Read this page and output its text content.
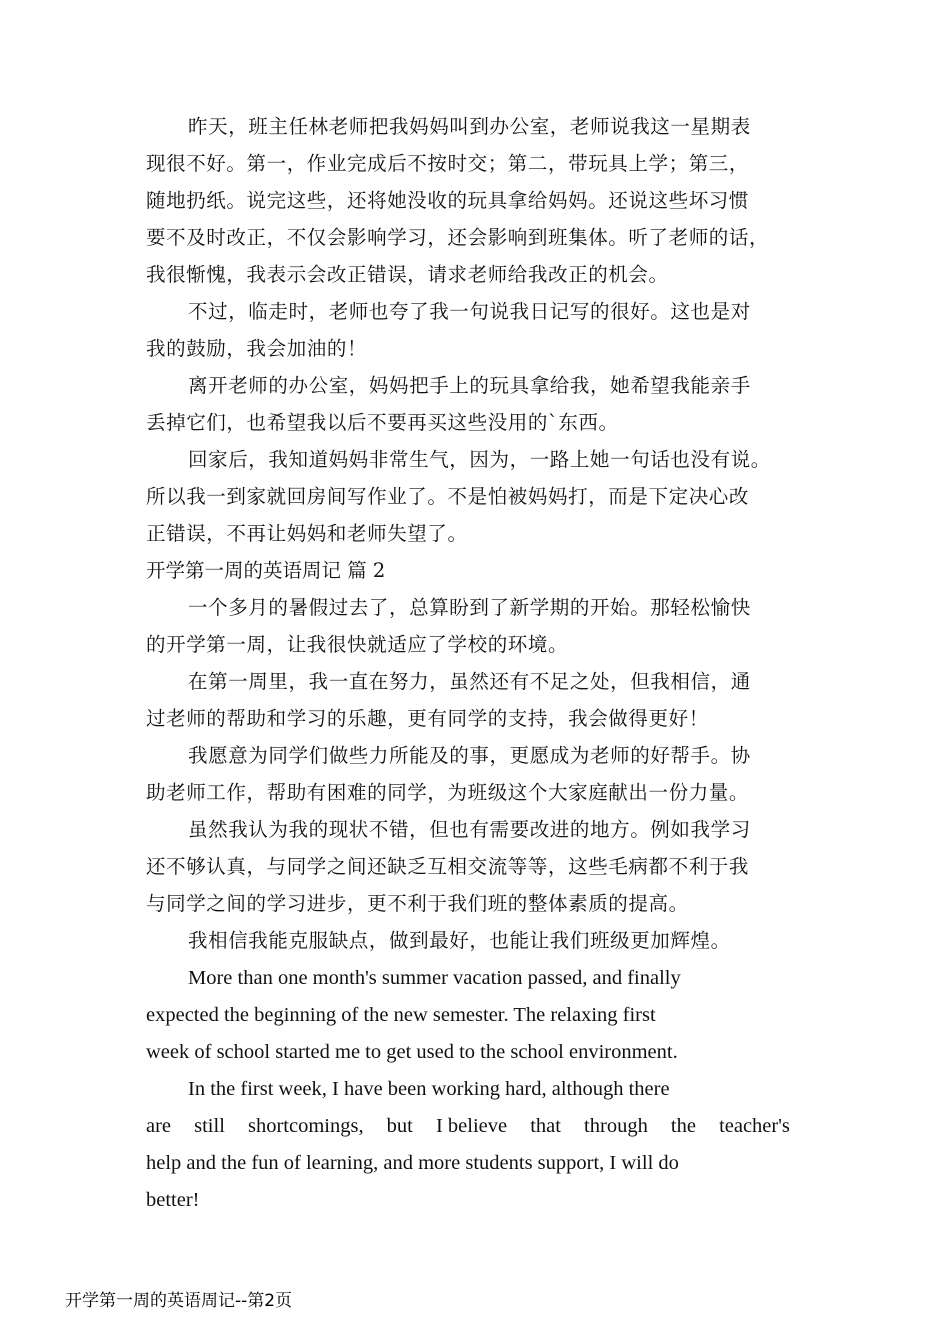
昨天，班主任林老师把我妈妈叫到办公室，老师说我这一星期表
现很不好。第一，作业完成后不按时交；第二，带玩具上学；第三，
随地扔纸。说完这些，还将她没收的玩具拿给妈妈。还说这些坏习惯
要不及时改正，不仅会影响学习，还会影响到班集体。听了老师的话，
我很惭愧，我表示会改正错误，请求老师给我改正的机会。
不过，临走时，老师也夸了我一句说我日记写的很好。这也是对
我的鼓励，我会加油的！
离开老师的办公室，妈妈把手上的玩具拿给我，她希望我能亲手
丢掉它们，也希望我以后不要再买这些没用的`东西。
回家后，我知道妈妈非常生气，因为，一路上她一句话也没有说。
所以我一到家就回房间写作业了。不是怕被妈妈打，而是下定决心改
正错误，不再让妈妈和老师失望了。
开学第一周的英语周记 篇 2
一个多月的暑假过去了，总算盼到了新学期的开始。那轻松愉快
的开学第一周，让我很快就适应了学校的环境。
在第一周里，我一直在努力，虽然还有不足之处，但我相信，通
过老师的帮助和学习的乐趣，更有同学的支持，我会做得更好！
我愿意为同学们做些力所能及的事，更愿成为老师的好帮手。协
助老师工作，帮助有困难的同学，为班级这个大家庭献出一份力量。
虽然我认为我的现状不错，但也有需要改进的地方。例如我学习
还不够认真，与同学之间还缺乏互相交流等等，这些毛病都不利于我
与同学之间的学习进步，更不利于我们班的整体素质的提高。
我相信我能克服缺点，做到最好，也能让我们班级更加辉煌。
More than one month's summer vacation passed, and finally
expected the beginning of the new semester. The relaxing first
week of school started me to get used to the school environment.
In the first week, I have been working hard, although there
are still shortcomings, but I believe that through the teacher's
help and the fun of learning, and more students support, I will do
better!
开学第一周的英语周记--第2页
